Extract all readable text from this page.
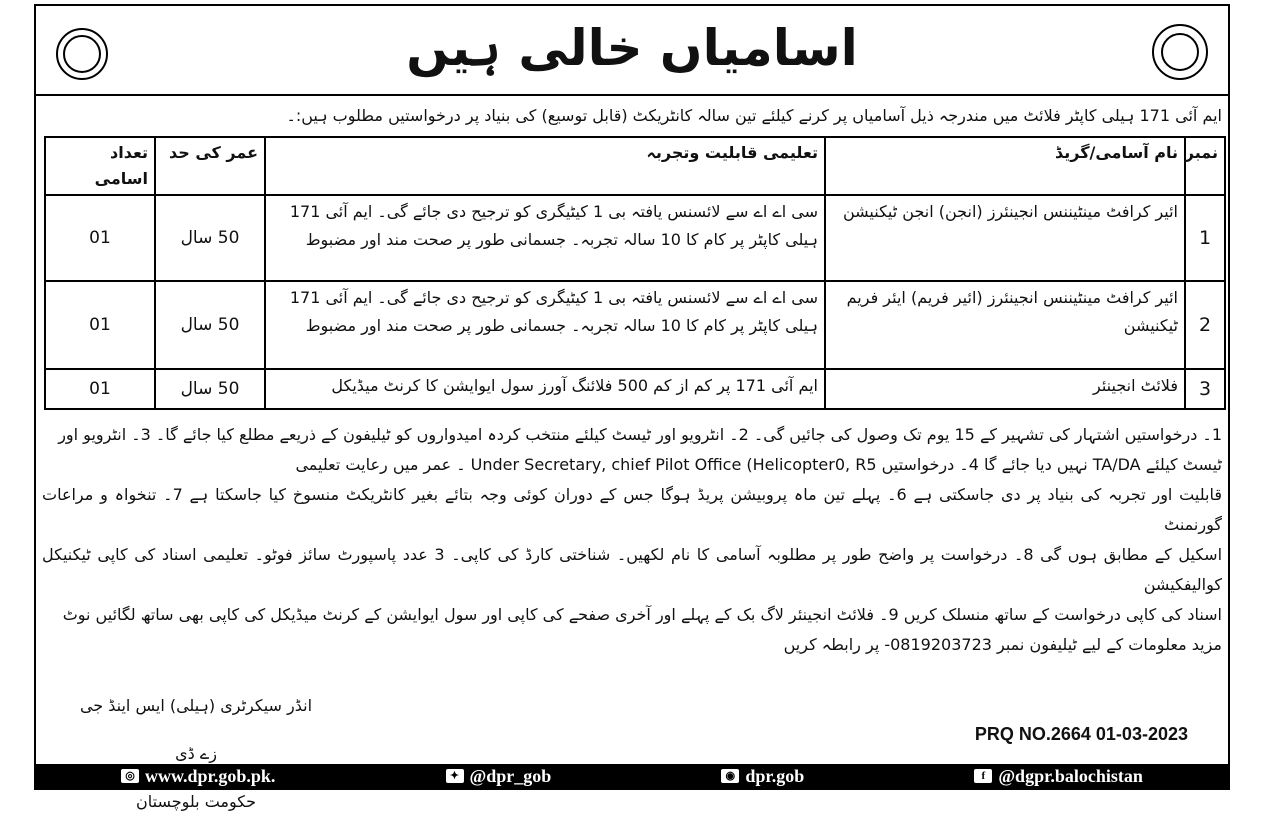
اسامیاں خالی ہیں
ایم آئی 171 ہیلی کاپٹر فلائٹ میں مندرجہ ذیل آسامیاں پر کرنے کیلئے تین سالہ کانٹریکٹ (قابل توسیع) کی بنیاد پر درخواستیں مطلوب ہیں:۔
نمبر	نام آسامی/گریڈ	تعلیمی قابلیت وتجربہ	عمر کی حد	تعداد اسامی
1	ائیر کرافٹ مینٹیننس انجینئرز (انجن) انجن ٹیکنیشن	سی اے اے سے لائسنس یافتہ بی 1 کیٹیگری کو ترجیح دی جائے گی۔ ایم آئی 171 ہیلی کاپٹر پر کام کا 10 سالہ تجربہ۔ جسمانی طور پر صحت مند اور مضبوط	50 سال	01
2	ائیر کرافٹ مینٹیننس انجینئرز (ائیر فریم) ایئر فریم ٹیکنیشن	سی اے اے سے لائسنس یافتہ بی 1 کیٹیگری کو ترجیح دی جائے گی۔ ایم آئی 171 ہیلی کاپٹر پر کام کا 10 سالہ تجربہ۔ جسمانی طور پر صحت مند اور مضبوط	50 سال	01
3	فلائٹ انجینئر	ایم آئی 171 پر کم از کم 500 فلائنگ آورز سول ایوایشن کا کرنٹ میڈیکل	50 سال	01
1۔ درخواستیں اشتہار کی تشہیر کے 15 یوم تک وصول کی جائیں گی۔ 2۔ انٹرویو اور ٹیسٹ کیلئے منتخب کردہ امیدواروں کو ٹیلیفون کے ذریعے مطلع کیا جائے گا۔ 3۔ انٹرویو اور
ٹیسٹ کیلئے TA/DA نہیں دیا جائے گا 4۔ درخواستیں Under Secretary, chief Pilot Office (Helicopter0, R5 ۔ عمر میں رعایت تعلیمی
قابلیت اور تجربہ کی بنیاد پر دی جاسکتی ہے 6۔ پہلے تین ماہ پروبیشن پریڈ ہوگا جس کے دوران کوئی وجہ بتائے بغیر کانٹریکٹ منسوخ کیا جاسکتا ہے 7۔ تنخواہ و مراعات گورنمنٹ
اسکیل کے مطابق ہوں گی 8۔ درخواست پر واضح طور پر مطلوبہ آسامی کا نام لکھیں۔ شناختی کارڈ کی کاپی۔ 3 عدد پاسپورٹ سائز فوٹو۔ تعلیمی اسناد کی کاپی ٹیکنیکل کوالیفکیشن
اسناد کی کاپی درخواست کے ساتھ منسلک کریں 9۔ فلائٹ انجینئر لاگ بک کے پہلے اور آخری صفحے کی کاپی اور سول ایوایشن کے کرنٹ میڈیکل کی کاپی بھی ساتھ لگائیں نوٹ
مزید معلومات کے لیے ٹیلیفون نمبر 0819203723- پر رابطہ کریں
انڈر سیکرٹری (ہیلی) ایس اینڈ جی زے ڈی
حکومت بلوچستان
PRQ NO.2664 01-03-2023
◎ www.dpr.gob.pk.	✦ @dpr_gob	◉ dpr.gob	f @dgpr.balochistan
